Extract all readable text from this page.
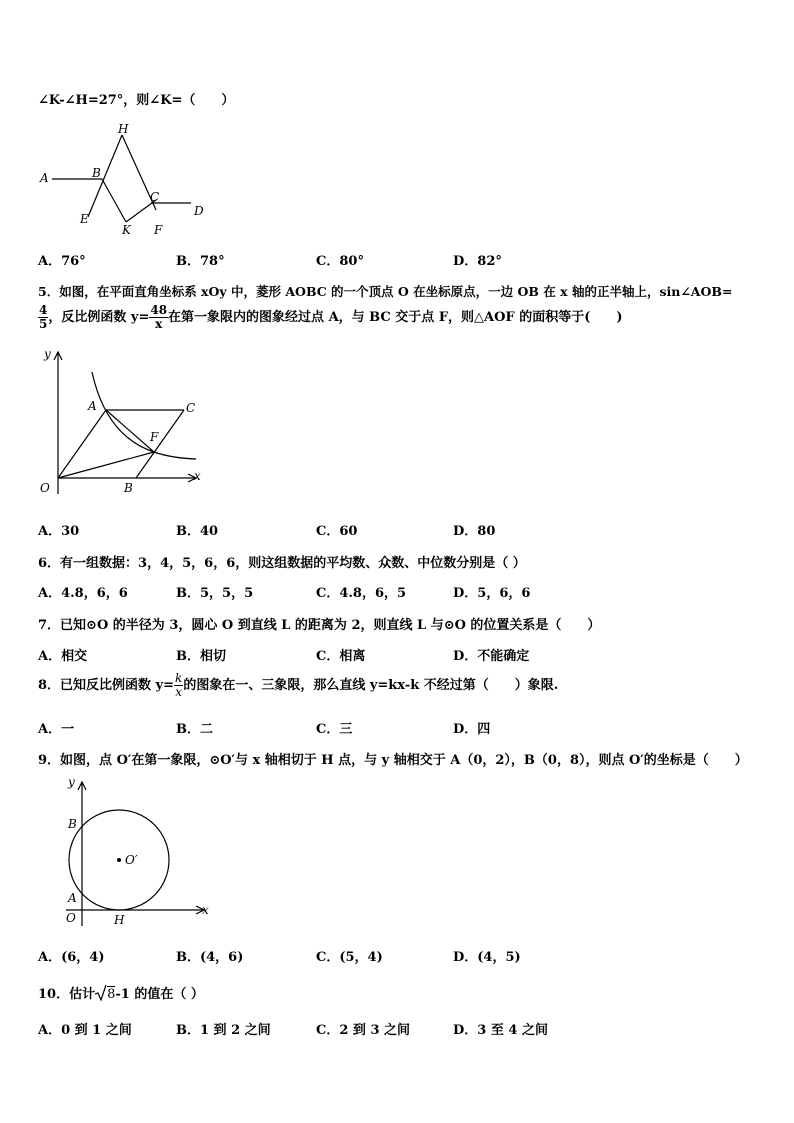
∠K-∠H=27°，则∠K=（　　）
H
A	B
C
D
E
K F
A．76°	B．78°	C．80°	D．82°
5．如图，在平面直角坐标系 xOy 中，菱形 AOBC 的一个顶点 O 在坐标原点，一边 OB 在 x 轴的正半轴上，sin∠AOB=
$\frac{4}{5}$ ，反比例函数 $y= \frac{48}{x}$ 在第一象限内的图象经过点 A，与 BC 交于点 F，则△AOF 的面积等于(　　)
y
x
O
A	C
F
B
A．30	B．40	C．60	D．80
6．有一组数据：3，4，5，6，6，则这组数据的平均数、众数、中位数分别是（ ）
A．4.8，6，6	B．5，5，5	C．4.8，6，5	D．5，6，6
7．已知⊙O 的半径为 3，圆心 O 到直线 L 的距离为 2，则直线 L 与⊙O 的位置关系是（　　）
A．相交	B．相切	C．相离	D．不能确定
8．已知反比例函数 $y= \frac{k}{x}$ 的图象在一、三象限，那么直线 y=kx-k 不经过第（　　）象限.
A．一	B．二	C．三	D．四
9．如图，点 O′在第一象限，⊙O′与 x 轴相切于 H 点，与 y 轴相交于 A（0，2），B（0，8），则点 O′的坐标是（　　）
y
x
B
A
O	H
O′
A．(6，4)	B．(4，6)	C．(5，4)	D．(4，5)
10．估计 8-1 的值在（ ）
A．0 到 1 之间	B．1 到 2 之间	C．2 到 3 之间	D．3 至 4 之间
